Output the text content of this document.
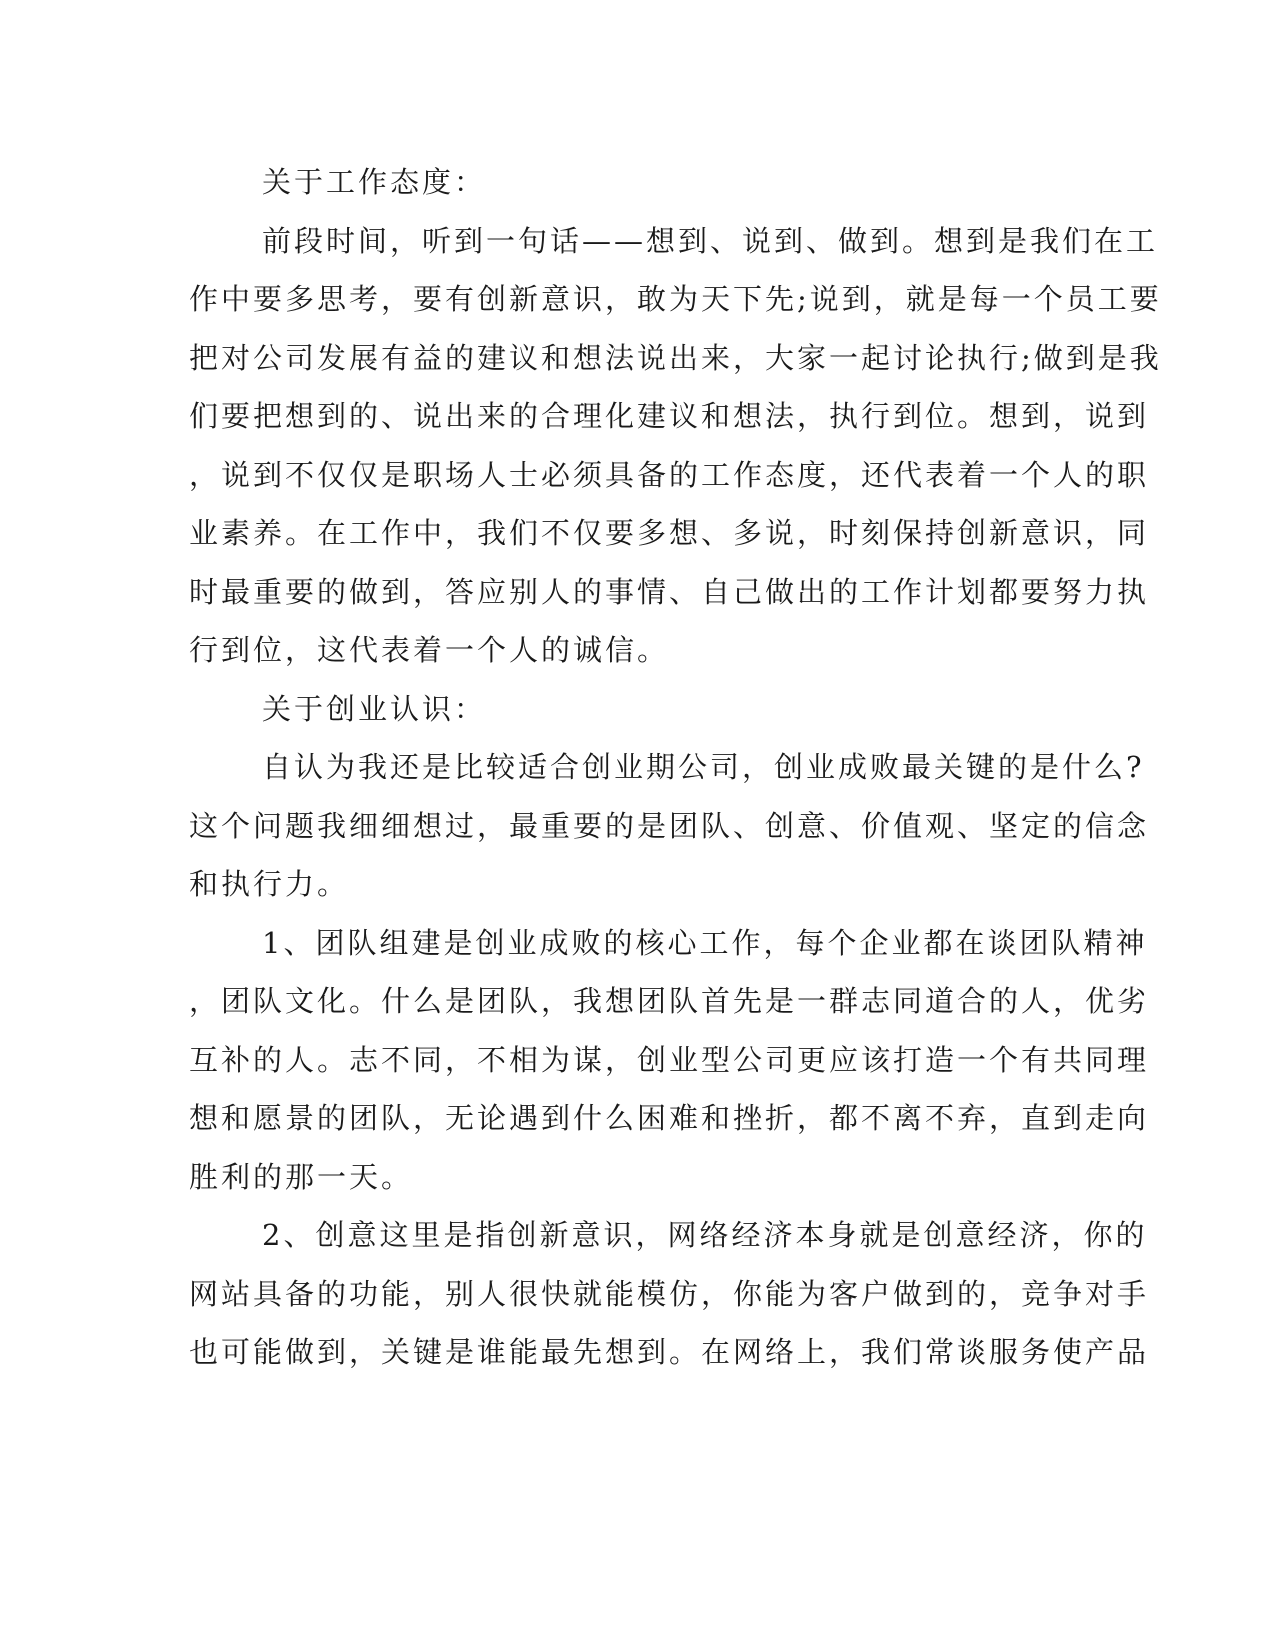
关于工作态度：
前段时间，听到一句话——想到、说到、做到。想到是我们在工
作中要多思考，要有创新意识，敢为天下先;说到，就是每一个员工要
把对公司发展有益的建议和想法说出来，大家一起讨论执行;做到是我
们要把想到的、说出来的合理化建议和想法，执行到位。想到，说到
，说到不仅仅是职场人士必须具备的工作态度，还代表着一个人的职
业素养。在工作中，我们不仅要多想、多说，时刻保持创新意识，同
时最重要的做到，答应别人的事情、自己做出的工作计划都要努力执
行到位，这代表着一个人的诚信。
关于创业认识：
自认为我还是比较适合创业期公司，创业成败最关键的是什么?
这个问题我细细想过，最重要的是团队、创意、价值观、坚定的信念
和执行力。
1、团队组建是创业成败的核心工作，每个企业都在谈团队精神
，团队文化。什么是团队，我想团队首先是一群志同道合的人，优劣
互补的人。志不同，不相为谋，创业型公司更应该打造一个有共同理
想和愿景的团队，无论遇到什么困难和挫折，都不离不弃，直到走向
胜利的那一天。
2、创意这里是指创新意识，网络经济本身就是创意经济，你的
网站具备的功能，别人很快就能模仿，你能为客户做到的，竞争对手
也可能做到，关键是谁能最先想到。在网络上，我们常谈服务使产品
